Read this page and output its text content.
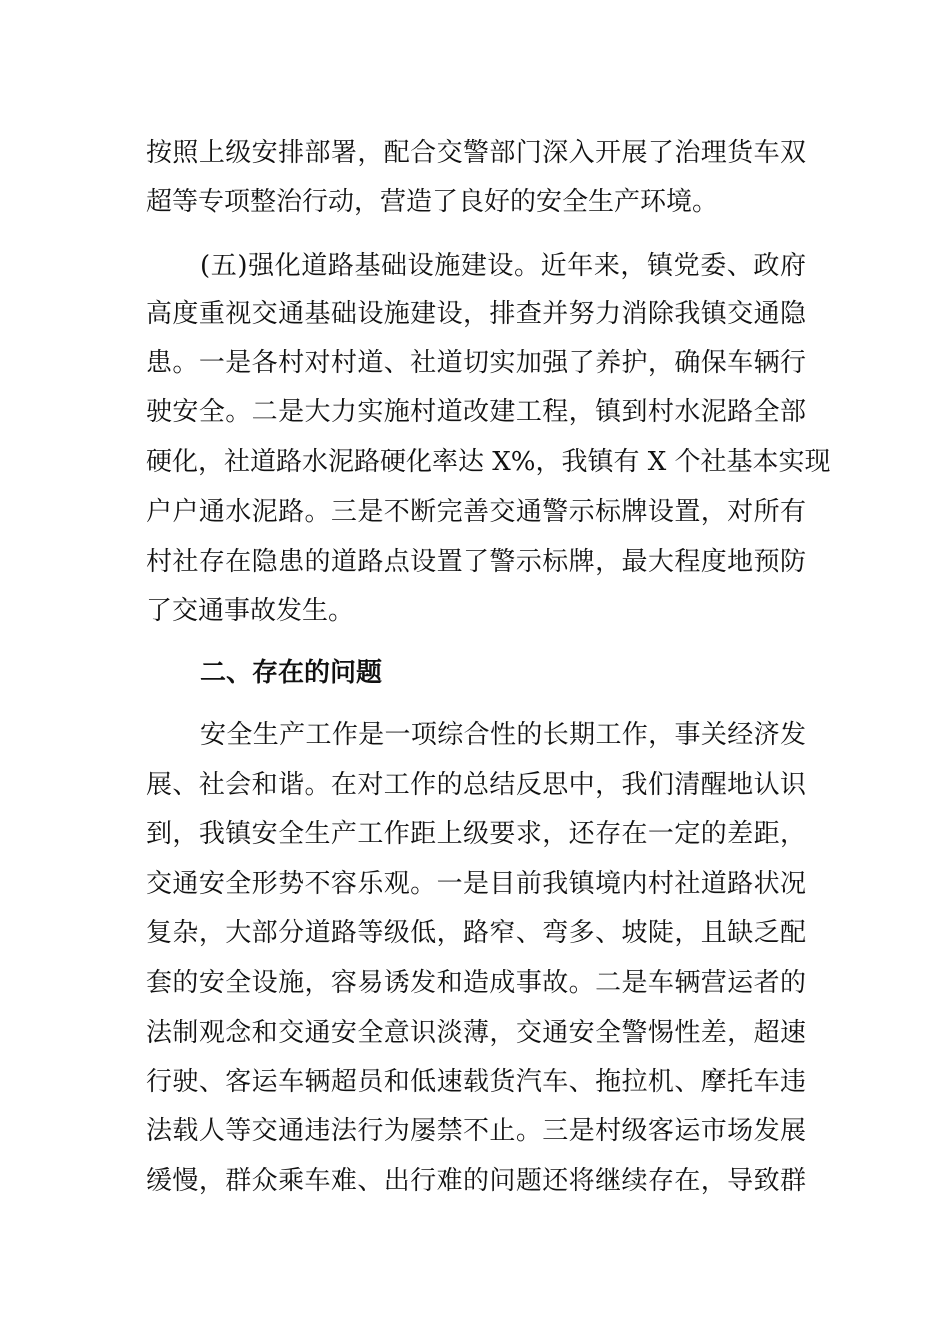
按照上级安排部署，配合交警部门深入开展了治理货车双
超等专项整治行动，营造了良好的安全生产环境。
(五)强化道路基础设施建设。近年来，镇党委、政府
高度重视交通基础设施建设，排查并努力消除我镇交通隐
患。一是各村对村道、社道切实加强了养护，确保车辆行
驶安全。二是大力实施村道改建工程，镇到村水泥路全部
硬化，社道路水泥路硬化率达 X%，我镇有 X 个社基本实现
户户通水泥路。三是不断完善交通警示标牌设置，对所有
村社存在隐患的道路点设置了警示标牌，最大程度地预防
了交通事故发生。
二、存在的问题
安全生产工作是一项综合性的长期工作，事关经济发
展、社会和谐。在对工作的总结反思中，我们清醒地认识
到，我镇安全生产工作距上级要求，还存在一定的差距，
交通安全形势不容乐观。一是目前我镇境内村社道路状况
复杂，大部分道路等级低，路窄、弯多、坡陡，且缺乏配
套的安全设施，容易诱发和造成事故。二是车辆营运者的
法制观念和交通安全意识淡薄，交通安全警惕性差，超速
行驶、客运车辆超员和低速载货汽车、拖拉机、摩托车违
法载人等交通违法行为屡禁不止。三是村级客运市场发展
缓慢，群众乘车难、出行难的问题还将继续存在，导致群
